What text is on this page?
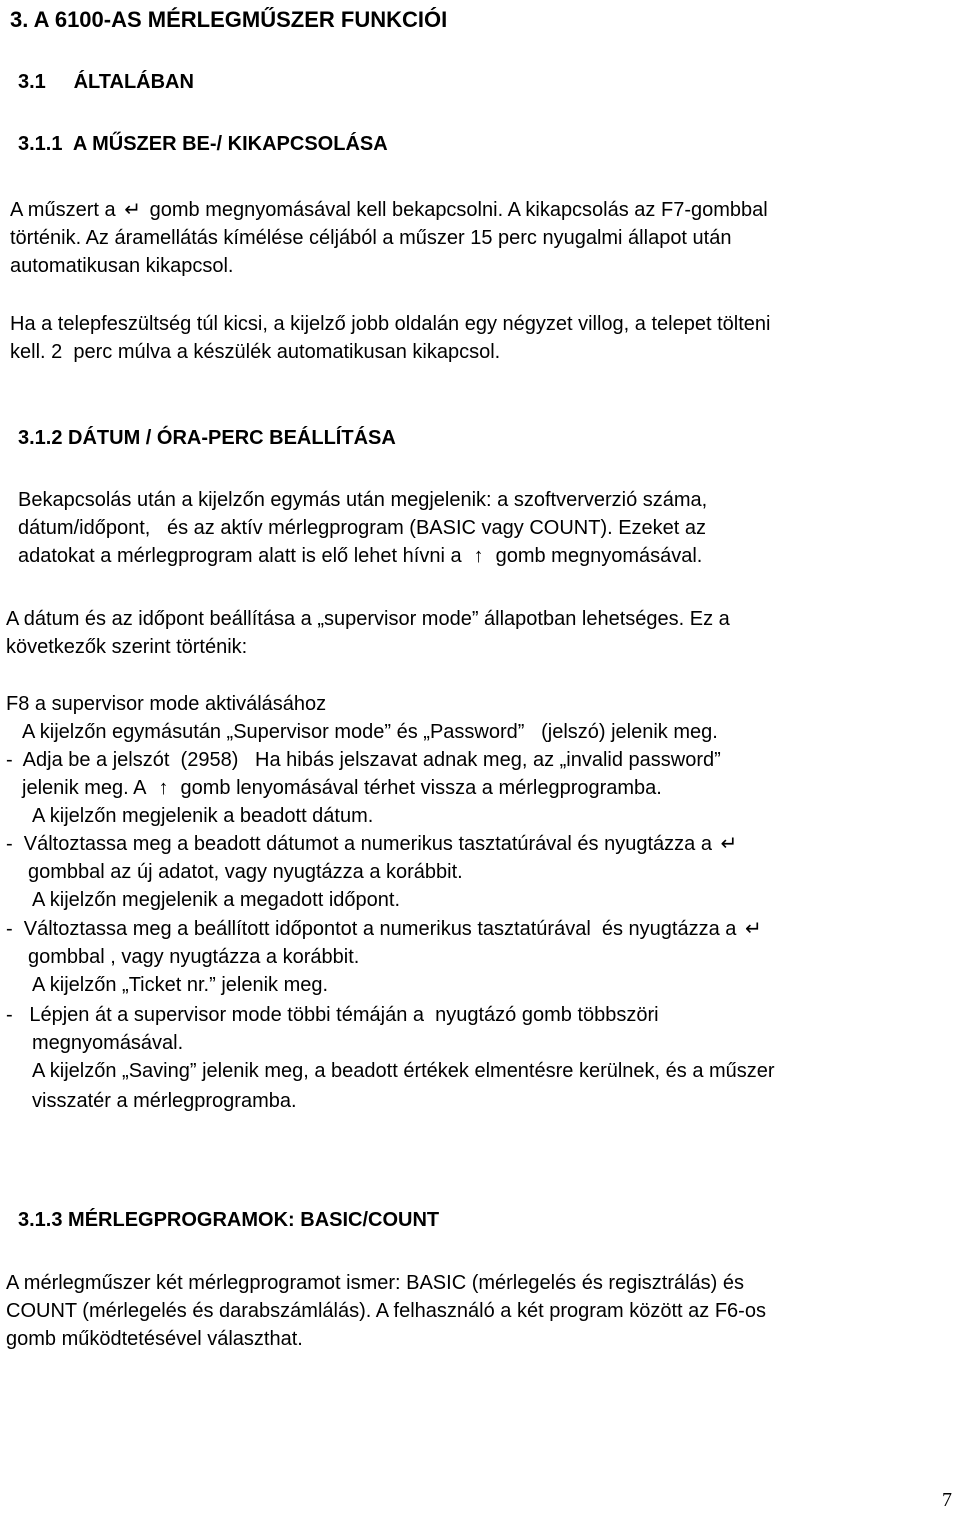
3. A 6100-AS MÉRLEGMŰSZER FUNKCIÓI
3.1     ÁLTALÁBAN
3.1.1  A MŰSZER BE-/ KIKAPCSOLÁSA
A műszert a ↵ gomb megnyomásával kell bekapcsolni. A kikapcsolás az F7-gombbal
történik. Az áramellátás kímélése céljából a műszer 15 perc nyugalmi állapot után
automatikusan kikapcsol.
Ha a telepfeszültség túl kicsi, a kijelző jobb oldalán egy négyzet villog, a telepet tölteni
kell. 2  perc múlva a készülék automatikusan kikapcsol.
3.1.2 DÁTUM / ÓRA-PERC BEÁLLÍTÁSA
Bekapcsolás után a kijelzőn egymás után megjelenik: a szoftververzió száma,
dátum/időpont,   és az aktív mérlegprogram (BASIC vagy COUNT). Ezeket az
adatokat a mérlegprogram alatt is elő lehet hívni a ↑ gomb megnyomásával.
A dátum és az időpont beállítása a „supervisor mode” állapotban lehetséges. Ez a
következők szerint történik:
F8 a supervisor mode aktiválásához
A kijelzőn egymásután „Supervisor mode” és „Password”   (jelszó) jelenik meg.
-  Adja be a jelszót  (2958)   Ha hibás jelszavat adnak meg, az „invalid password”
jelenik meg. A ↑ gomb lenyomásával térhet vissza a mérlegprogramba.
A kijelzőn megjelenik a beadott dátum.
-  Változtassa meg a beadott dátumot a numerikus tasztatúrával és nyugtázza a ↵
gombbal az új adatot, vagy nyugtázza a korábbit.
A kijelzőn megjelenik a megadott időpont.
-  Változtassa meg a beállított időpontot a numerikus tasztatúrával  és nyugtázza a ↵
gombbal , vagy nyugtázza a korábbit.
A kijelzőn „Ticket nr.” jelenik meg.
-   Lépjen át a supervisor mode többi témáján a  nyugtázó gomb többszöri
megnyomásával.
A kijelzőn „Saving” jelenik meg, a beadott értékek elmentésre kerülnek, és a műszer
visszatér a mérlegprogramba.
3.1.3 MÉRLEGPROGRAMOK: BASIC/COUNT
A mérlegműszer két mérlegprogramot ismer: BASIC (mérlegelés és regisztrálás) és
COUNT (mérlegelés és darabszámlálás). A felhasználó a két program között az F6-os
gomb működtetésével választhat.
7
